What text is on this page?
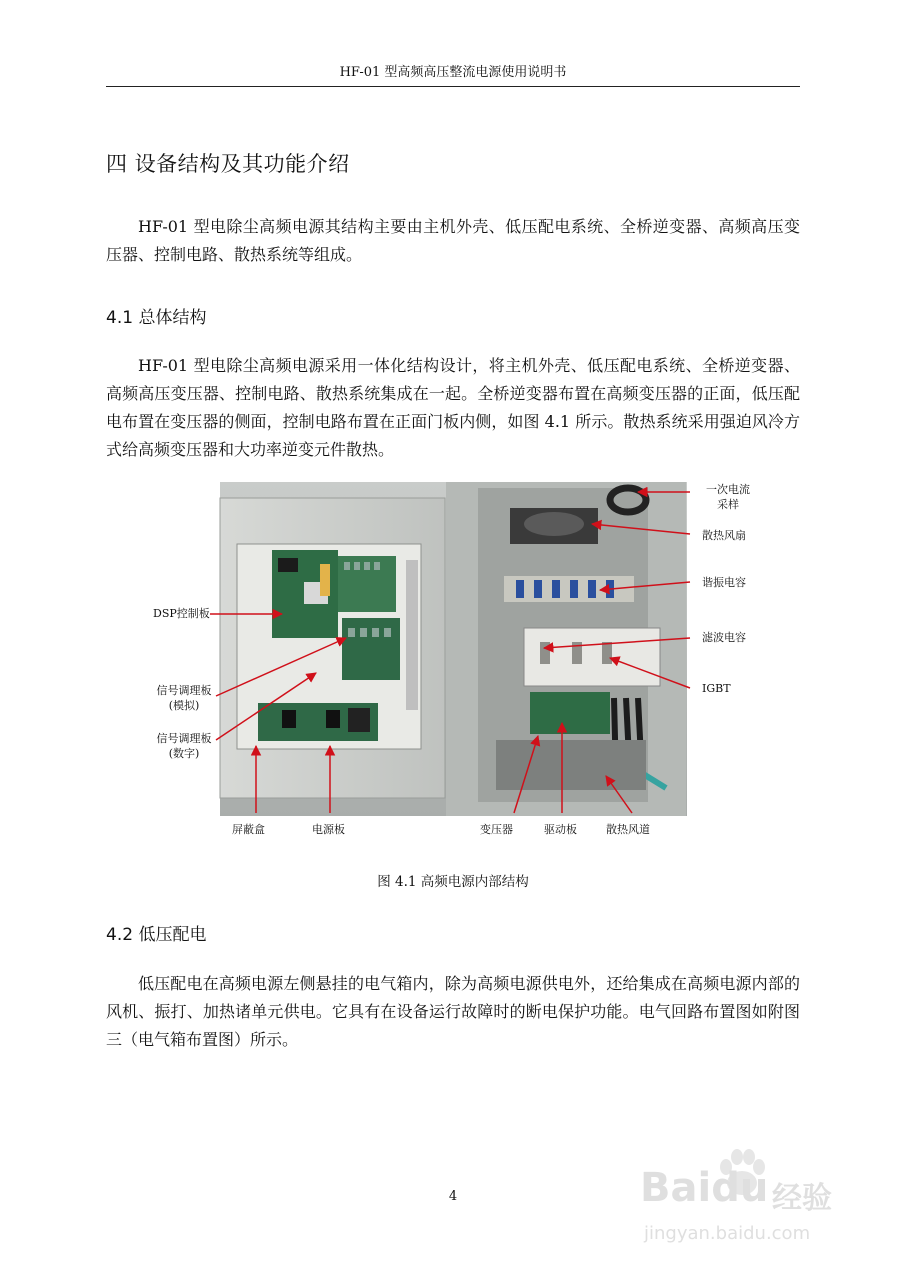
HF-01 型高频高压整流电源使用说明书
四 设备结构及其功能介绍

HF-01 型电除尘高频电源其结构主要由主机外壳、低压配电系统、全桥逆变器、高频高压变压器、控制电路、散热系统等组成。

4.1 总体结构

HF-01 型电除尘高频电源采用一体化结构设计，将主机外壳、低压配电系统、全桥逆变器、高频高压变压器、控制电路、散热系统集成在一起。全桥逆变器布置在高频变压器的正面，低压配电布置在变压器的侧面，控制电路布置在正面门板内侧，如图 4.1 所示。散热系统采用强迫风冷方式给高频变压器和大功率逆变元件散热。

DSP控制板
信号调理板
(模拟)
信号调理板
(数字)
屏蔽盒	电源板	变压器	驱动板	散热风道
一次电流
采样
散热风扇
谐振电容
滤波电容
IGBT
图 4.1 高频电源内部结构
4.2 低压配电

低压配电在高频电源左侧悬挂的电气箱内，除为高频电源供电外，还给集成在高频电源内部的风机、振打、加热诸单元供电。它具有在设备运行故障时的断电保护功能。电气回路布置图如附图三（电气箱布置图）所示。

4	Baidu 经验
jingyan.baidu.com
